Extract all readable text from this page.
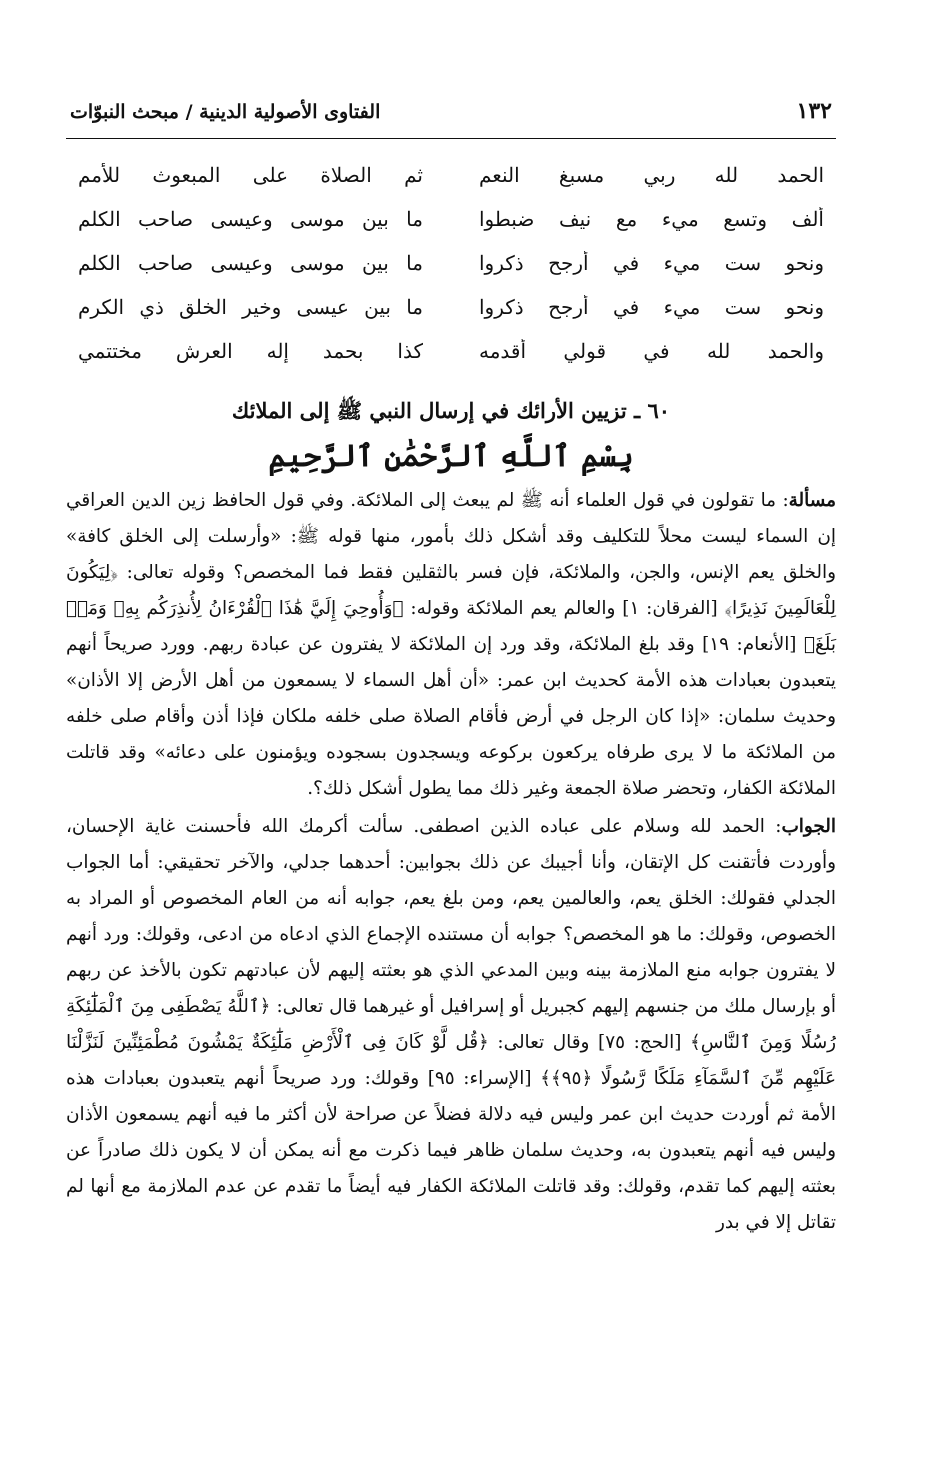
١٣٢
الفتاوى الأصولية الدينية / مبحث النبوّات
الحمد لله ربي مسبغ النعم
ثم الصلاة على المبعوث للأمم
ألف وتسع ميء مع نيف ضبطوا
ما بين موسى وعيسى صاحب الكلم
ونحو ست ميء في أرجح ذكروا
ما بين موسى وعيسى صاحب الكلم
ونحو ست ميء في أرجح ذكروا
ما بين عيسى وخير الخلق ذي الكرم
والحمد لله في قولي أقدمه
كذا بحمد إله العرش مختتمي
٦٠ ـ تزيين الأرائك في إرسال النبي ﷺ إلى الملائك
بِسْمِ ٱللَّهِ ٱلرَّحْمَٰنِ ٱلرَّحِيمِ

مسألة: ما تقولون في قول العلماء أنه ﷺ لم يبعث إلى الملائكة. وفي قول الحافظ زين الدين العراقي إن السماء ليست محلاً للتكليف وقد أشكل ذلك بأمور، منها قوله ﷺ: «وأرسلت إلى الخلق كافة» والخلق يعم الإنس، والجن، والملائكة، فإن فسر بالثقلين فقط فما المخصص؟ وقوله تعالى: ﴿لِيَكُونَ لِلْعَالَمِينَ نَذِيرًا﴾ [الفرقان: ١] والعالم يعم الملائكة وقوله: ﴿وَأُوحِيَ إِلَيَّ هَٰذَا ٱلْقُرْءَانُ لِأُنذِرَكُم بِهِۦ وَمَنۢ بَلَغَ﴾ [الأنعام: ١٩] وقد بلغ الملائكة، وقد ورد إن الملائكة لا يفترون عن عبادة ربهم. وورد صريحاً أنهم يتعبدون بعبادات هذه الأمة كحديث ابن عمر: «أن أهل السماء لا يسمعون من أهل الأرض إلا الأذان» وحديث سلمان: «إذا كان الرجل في أرض فأقام الصلاة صلى خلفه ملكان فإذا أذن وأقام صلى خلفه من الملائكة ما لا يرى طرفاه يركعون بركوعه ويسجدون بسجوده ويؤمنون على دعائه» وقد قاتلت الملائكة الكفار، وتحضر صلاة الجمعة وغير ذلك مما يطول أشكل ذلك؟.

الجواب: الحمد لله وسلام على عباده الذين اصطفى. سألت أكرمك الله فأحسنت غاية الإحسان، وأوردت فأتقنت كل الإتقان، وأنا أجيبك عن ذلك بجوابين: أحدهما جدلي، والآخر تحقيقي: أما الجواب الجدلي فقولك: الخلق يعم، والعالمين يعم، ومن بلغ يعم، جوابه أنه من العام المخصوص أو المراد به الخصوص، وقولك: ما هو المخصص؟ جوابه أن مستنده الإجماع الذي ادعاه من ادعى، وقولك: ورد أنهم لا يفترون جوابه منع الملازمة بينه وبين المدعي الذي هو بعثته إليهم لأن عبادتهم تكون بالأخذ عن ربهم أو بإرسال ملك من جنسهم إليهم كجبريل أو إسرافيل أو غيرهما قال تعالى: ﴿ٱللَّهُ يَصْطَفِى مِنَ ٱلْمَلَٰٓئِكَةِ رُسُلًا وَمِنَ ٱلنَّاسِ﴾ [الحج: ٧٥] وقال تعالى: ﴿قُل لَّوْ كَانَ فِى ٱلْأَرْضِ مَلَٰٓئِكَةٌ يَمْشُونَ مُطْمَئِنِّينَ لَنَزَّلْنَا عَلَيْهِم مِّنَ ٱلسَّمَآءِ مَلَكًا رَّسُولًا ﴿٩٥﴾﴾ [الإسراء: ٩٥] وقولك: ورد صريحاً أنهم يتعبدون بعبادات هذه الأمة ثم أوردت حديث ابن عمر وليس فيه دلالة فضلاً عن صراحة لأن أكثر ما فيه أنهم يسمعون الأذان وليس فيه أنهم يتعبدون به، وحديث سلمان ظاهر فيما ذكرت مع أنه يمكن أن لا يكون ذلك صادراً عن بعثته إليهم كما تقدم، وقولك: وقد قاتلت الملائكة الكفار فيه أيضاً ما تقدم عن عدم الملازمة مع أنها لم تقاتل إلا في بدر
